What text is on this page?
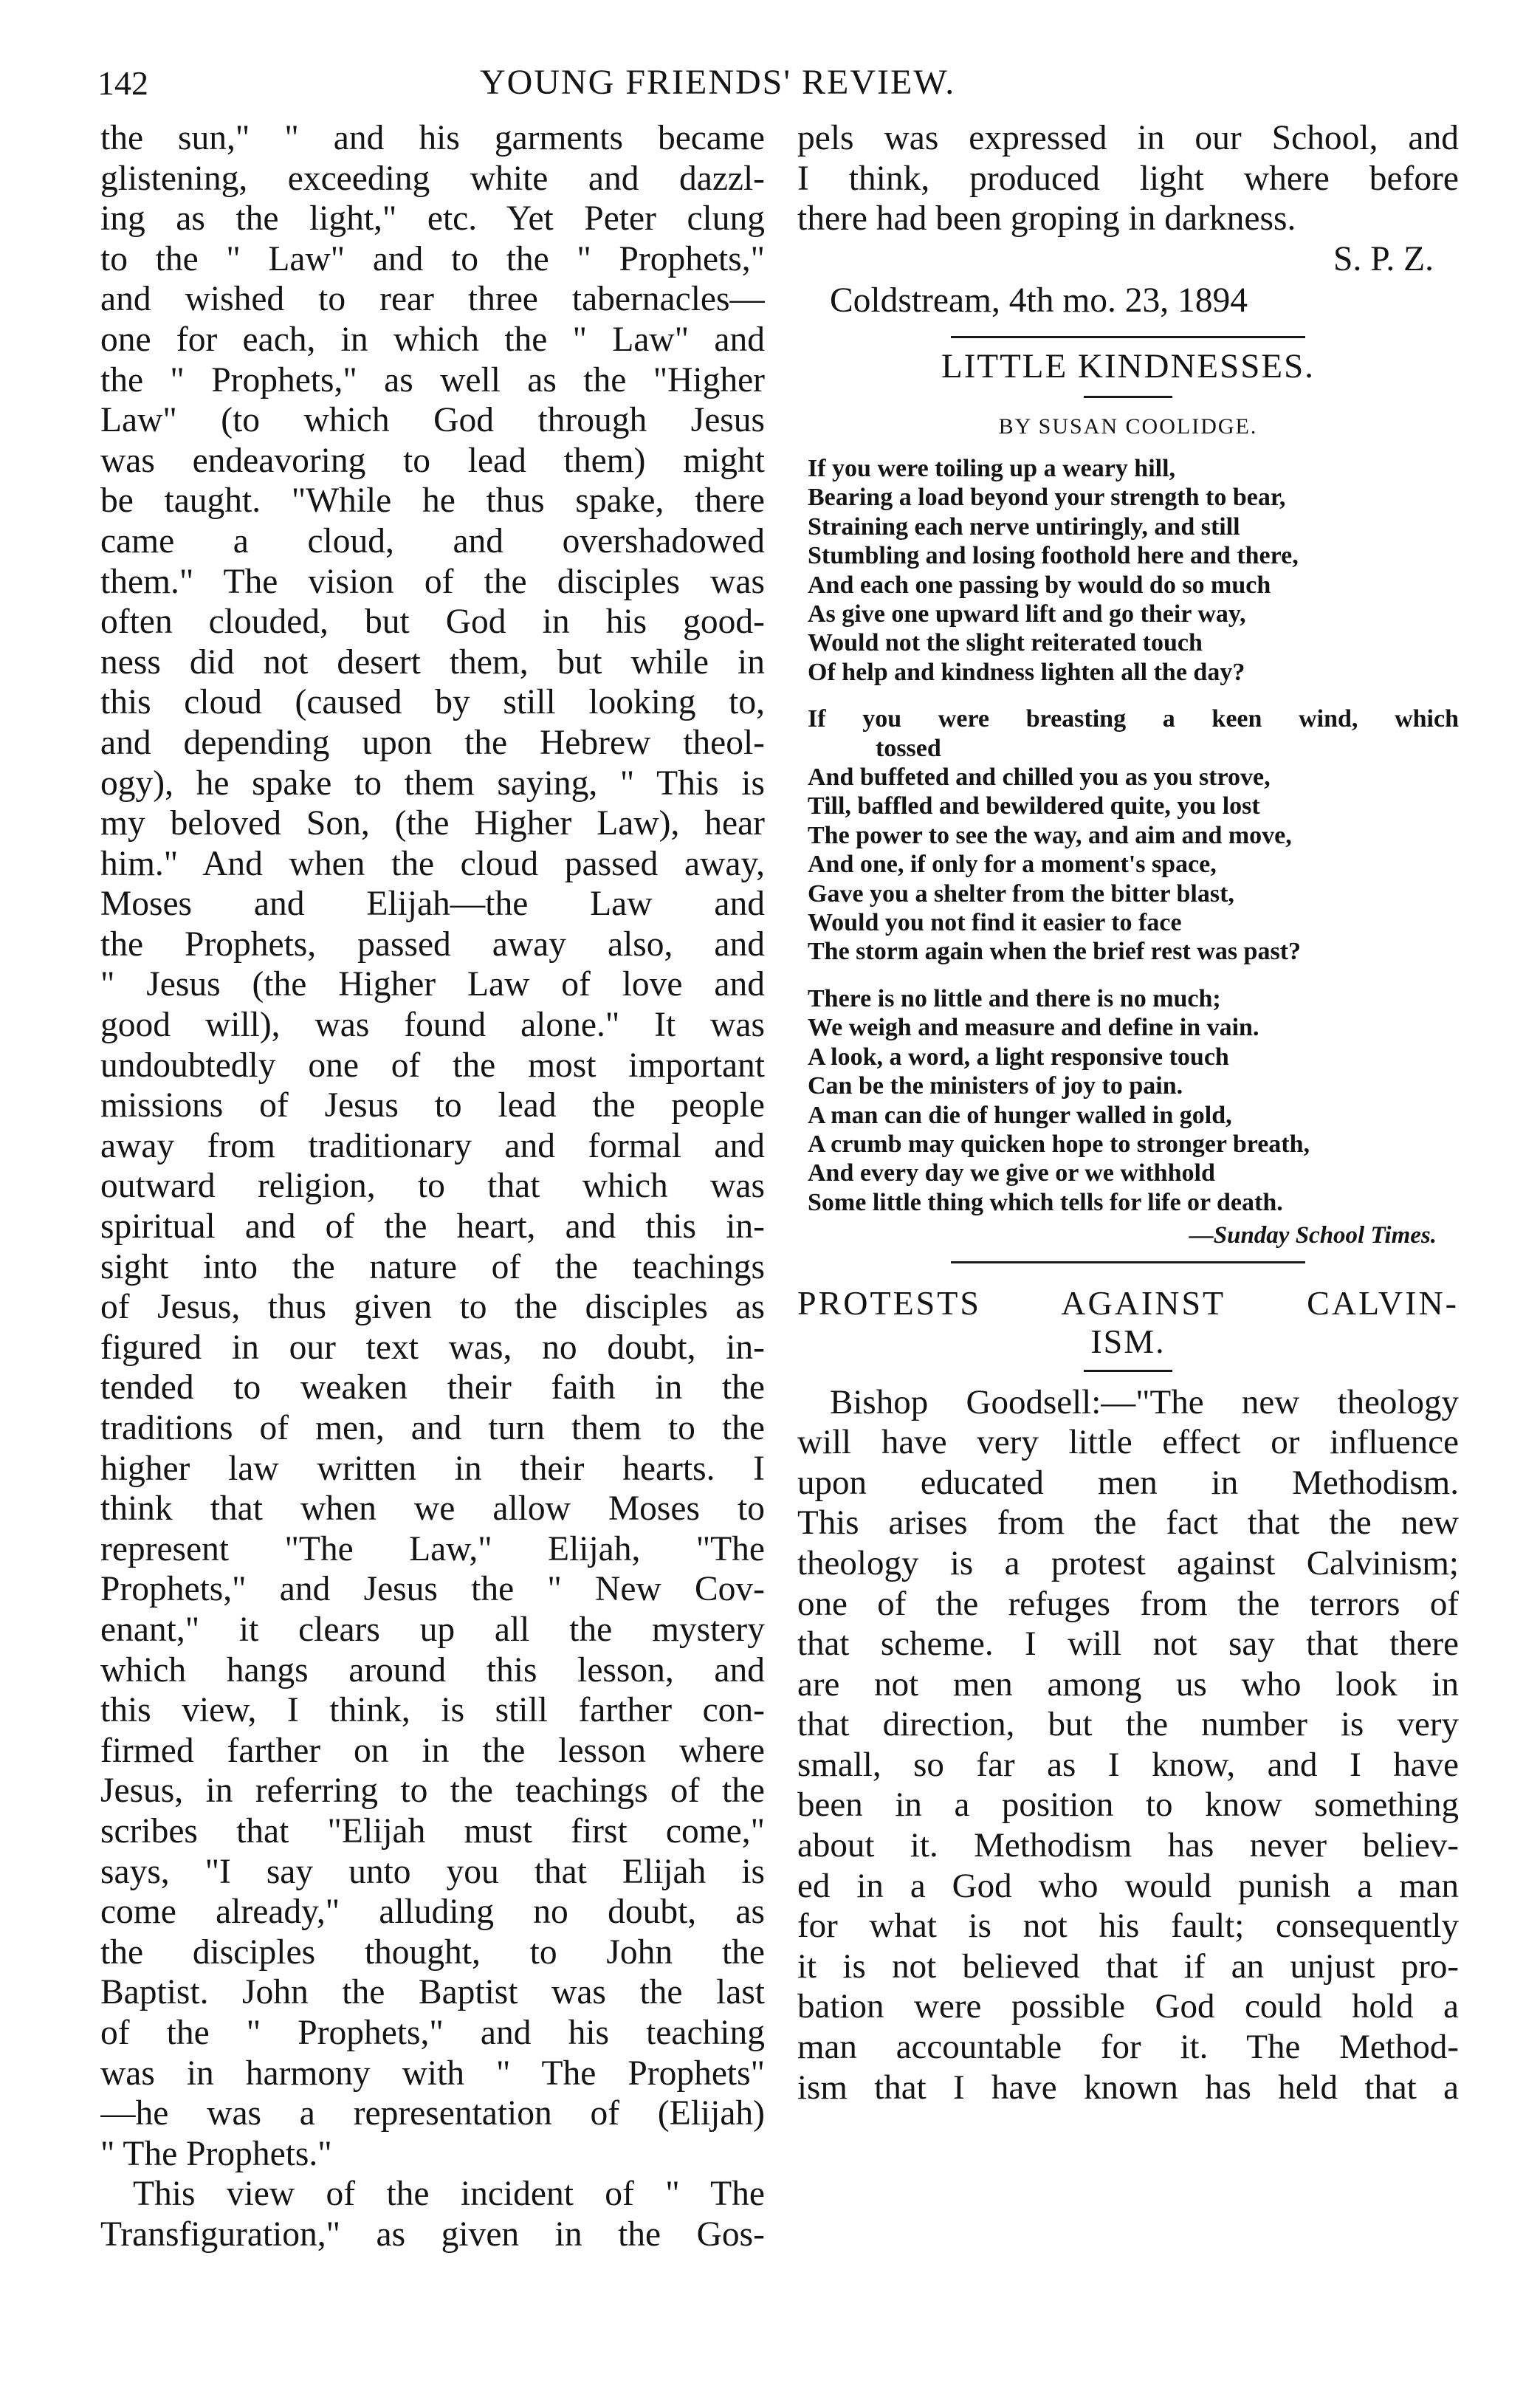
142	YOUNG FRIENDS' REVIEW.

the sun," " and his garments became
glistening, exceeding white and dazzl-
ing as the light," etc. Yet Peter clung
to the " Law" and to the " Prophets,"
and wished to rear three tabernacles—
one for each, in which the " Law" and
the " Prophets," as well as the "Higher
Law" (to which God through Jesus
was endeavoring to lead them) might
be taught. "While he thus spake, there
came a cloud, and overshadowed
them." The vision of the disciples was
often clouded, but God in his good-
ness did not desert them, but while in
this cloud (caused by still looking to,
and depending upon the Hebrew theol-
ogy), he spake to them saying, " This is
my beloved Son, (the Higher Law), hear
him." And when the cloud passed away,
Moses and Elijah—the Law and
the Prophets, passed away also, and
" Jesus (the Higher Law of love and
good will), was found alone." It was
undoubtedly one of the most important
missions of Jesus to lead the people
away from traditionary and formal and
outward religion, to that which was
spiritual and of the heart, and this in-
sight into the nature of the teachings
of Jesus, thus given to the disciples as
figured in our text was, no doubt, in-
tended to weaken their faith in the
traditions of men, and turn them to the
higher law written in their hearts. I
think that when we allow Moses to
represent "The Law," Elijah, "The
Prophets," and Jesus the " New Cov-
enant," it clears up all the mystery
which hangs around this lesson, and
this view, I think, is still farther con-
firmed farther on in the lesson where
Jesus, in referring to the teachings of the
scribes that "Elijah must first come,"
says, "I say unto you that Elijah is
come already," alluding no doubt, as
the disciples thought, to John the
Baptist. John the Baptist was the last
of the " Prophets," and his teaching
was in harmony with " The Prophets"
—he was a representation of (Elijah)
" The Prophets."

This view of the incident of " The
Transfiguration," as given in the Gos-

pels was expressed in our School, and
I think, produced light where before
there had been groping in darkness.

S. P. Z.
Coldstream, 4th mo. 23, 1894
LITTLE KINDNESSES.
BY SUSAN COOLIDGE.
If you were toiling up a weary hill,
Bearing a load beyond your strength to bear,
Straining each nerve untiringly, and still
Stumbling and losing foothold here and there,
And each one passing by would do so much
As give one upward lift and go their way,
Would not the slight reiterated touch
Of help and kindness lighten all the day?
If you were breasting a keen wind, which
tossed
And buffeted and chilled you as you strove,
Till, baffled and bewildered quite, you lost
The power to see the way, and aim and move,
And one, if only for a moment's space,
Gave you a shelter from the bitter blast,
Would you not find it easier to face
The storm again when the brief rest was past?
There is no little and there is no much;
We weigh and measure and define in vain.
A look, a word, a light responsive touch
Can be the ministers of joy to pain.
A man can die of hunger walled in gold,
A crumb may quicken hope to stronger breath,
And every day we give or we withhold
Some little thing which tells for life or death.
—Sunday School Times.
PROTESTS AGAINST CALVIN-
ISM.

Bishop Goodsell:—"The new theology
will have very little effect or influence
upon educated men in Methodism.
This arises from the fact that the new
theology is a protest against Calvinism;
one of the refuges from the terrors of
that scheme. I will not say that there
are not men among us who look in
that direction, but the number is very
small, so far as I know, and I have
been in a position to know something
about it. Methodism has never believ-
ed in a God who would punish a man
for what is not his fault; consequently
it is not believed that if an unjust pro-
bation were possible God could hold a
man accountable for it. The Method-
ism that I have known has held that a
